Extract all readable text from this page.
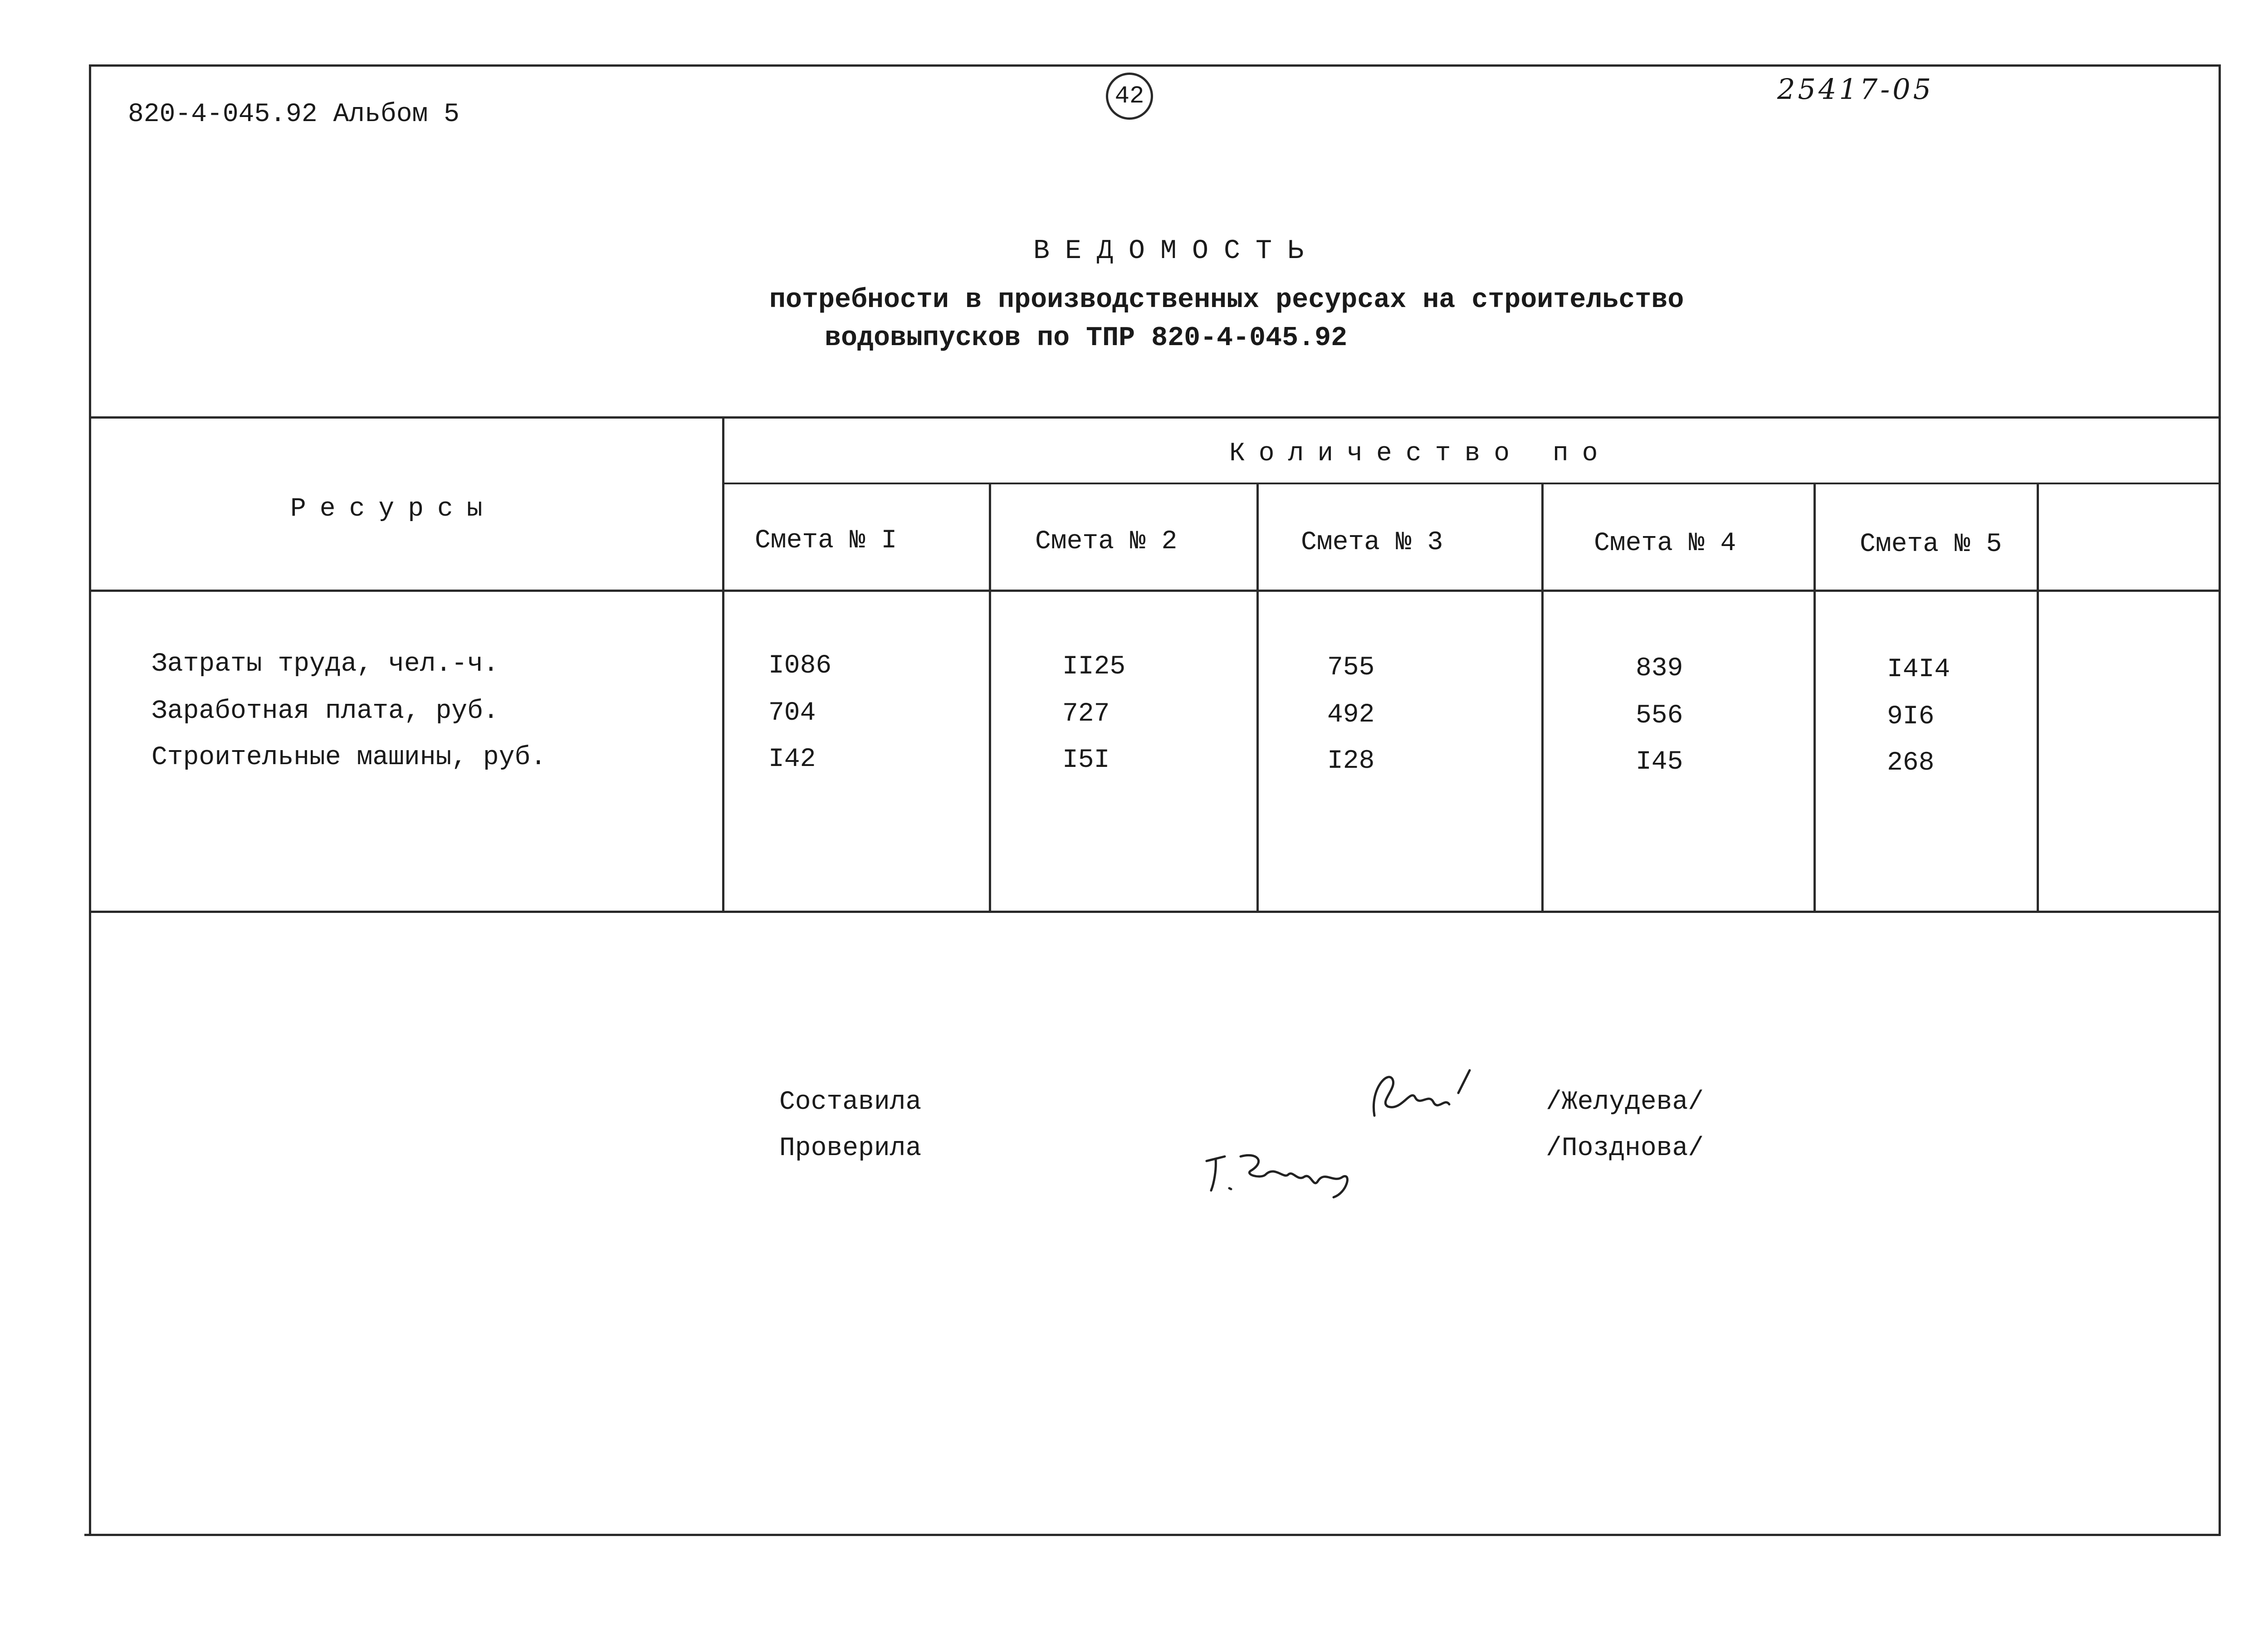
820-4-045.92 Альбом 5
42	25417-05
ВЕДОМОСТЬ
потребности в производственных ресурсах на строительство
водовыпусков по ТПР 820-4-045.92
Ресурсы
Количество по
Смета № I	Смета № 2	Смета № 3	Смета № 4	Смета № 5
Затраты труда, чел.-ч.	I086	II25	755	839	I4I4
Заработная плата, руб.	704	727	492	556	9I6
Строительные машины, руб.	I42	I5I	I28	I45	268
Составила
Проверила
/Желудева/
/Позднова/
